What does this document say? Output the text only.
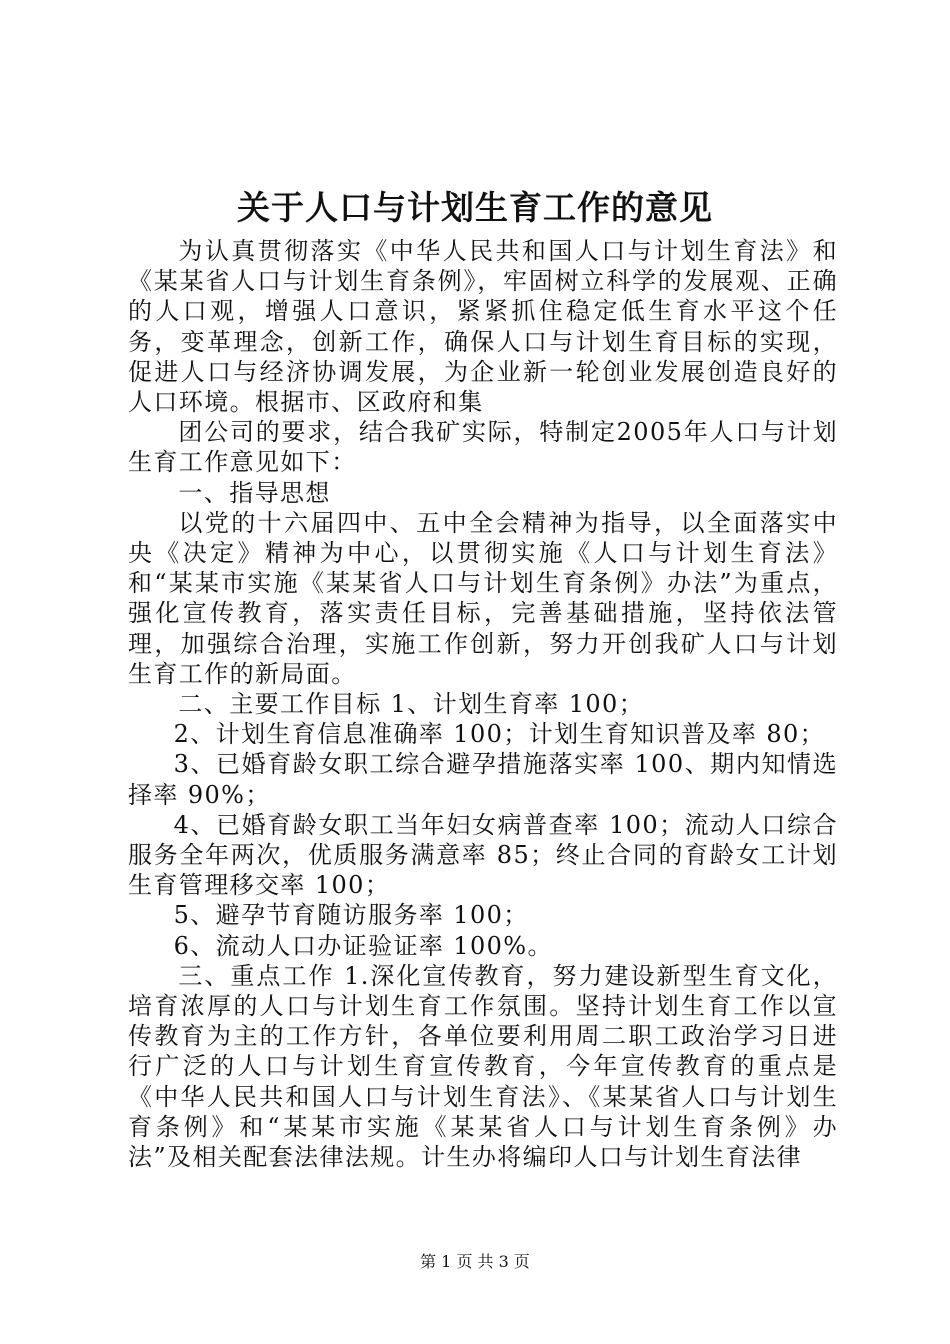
关于人口与计划生育工作的意见

为认真贯彻落实《中华人民共和国人口与计划生育法》和《某某省人口与计划生育条例》，牢固树立科学的发展观、正确的人口观，增强人口意识，紧紧抓住稳定低生育水平这个任务，变革理念，创新工作，确保人口与计划生育目标的实现，促进人口与经济协调发展，为企业新一轮创业发展创造良好的人口环境。根据市、区政府和集

团公司的要求，结合我矿实际，特制定2005年人口与计划生育工作意见如下：

一、指导思想

以党的十六届四中、五中全会精神为指导，以全面落实中央《决定》精神为中心，以贯彻实施《人口与计划生育法》和“某某市实施《某某省人口与计划生育条例》办法”为重点，强化宣传教育，落实责任目标，完善基础措施，坚持依法管理，加强综合治理，实施工作创新，努力开创我矿人口与计划生育工作的新局面。

二、主要工作目标 1、计划生育率 100；

2、计划生育信息准确率 100；计划生育知识普及率 80；

3、已婚育龄女职工综合避孕措施落实率 100、期内知情选择率 90%；

4、已婚育龄女职工当年妇女病普查率 100；流动人口综合服务全年两次，优质服务满意率 85；终止合同的育龄女工计划生育管理移交率 100；

5、避孕节育随访服务率 100；

6、流动人口办证验证率 100%。

三、重点工作 1.深化宣传教育，努力建设新型生育文化，培育浓厚的人口与计划生育工作氛围。坚持计划生育工作以宣传教育为主的工作方针，各单位要利用周二职工政治学习日进行广泛的人口与计划生育宣传教育，今年宣传教育的重点是《中华人民共和国人口与计划生育法》、《某某省人口与计划生育条例》和“某某市实施《某某省人口与计划生育条例》办法”及相关配套法律法规。计生办将编印人口与计划生育法律

第 1 页 共 3 页
